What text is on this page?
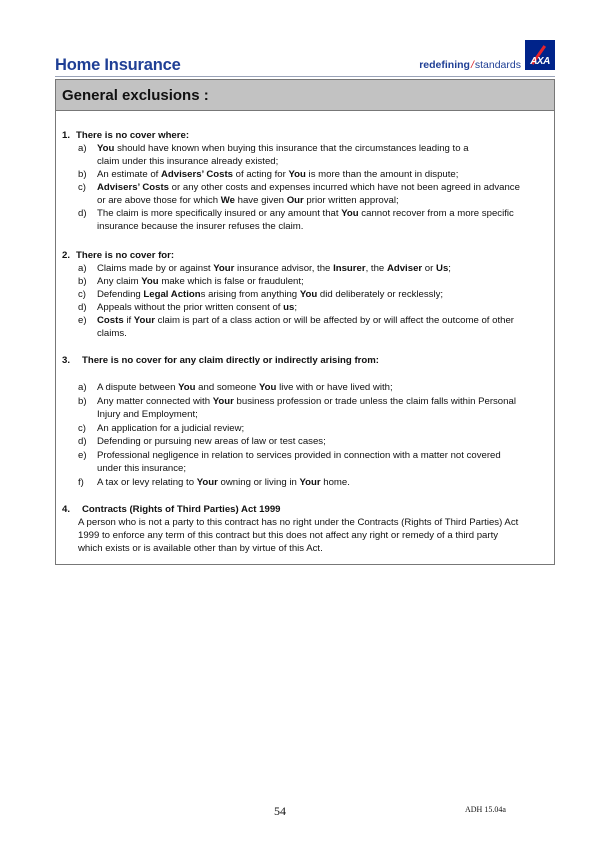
Home Insurance	redefining/standards AXA
General exclusions :
1. There is no cover where:
a) You should have known when buying this insurance that the circumstances leading to a
claim under this insurance already existed;
b) An estimate of Advisers’ Costs of acting for You is more than the amount in dispute;
c) Advisers’ Costs or any other costs and expenses incurred which have not been agreed in advance
or are above those for which We have given Our prior written approval;
d) The claim is more specifically insured or any amount that You cannot recover from a more specific
insurance because the insurer refuses the claim.
2. There is no cover for:
a) Claims made by or against Your insurance advisor, the Insurer, the Adviser or Us;
b) Any claim You make which is false or fraudulent;
c) Defending Legal Actions arising from anything You did deliberately or recklessly;
d) Appeals without the prior written consent of us;
e) Costs if Your claim is part of a class action or will be affected by or will affect the outcome of other
claims.
3. There is no cover for any claim directly or indirectly arising from:
a) A dispute between You and someone You live with or have lived with;
b) Any matter connected with Your business profession or trade unless the claim falls within Personal
Injury and Employment;
c) An application for a judicial review;
d) Defending or pursuing new areas of law or test cases;
e) Professional negligence in relation to services provided in connection with a matter not covered
under this insurance;
f) A tax or levy relating to Your owning or living in Your home.
4. Contracts (Rights of Third Parties) Act 1999
A person who is not a party to this contract has no right under the Contracts (Rights of Third Parties) Act
1999 to enforce any term of this contract but this does not affect any right or remedy of a third party
which exists or is available other than by virtue of this Act.
54	ADH 15.04a
